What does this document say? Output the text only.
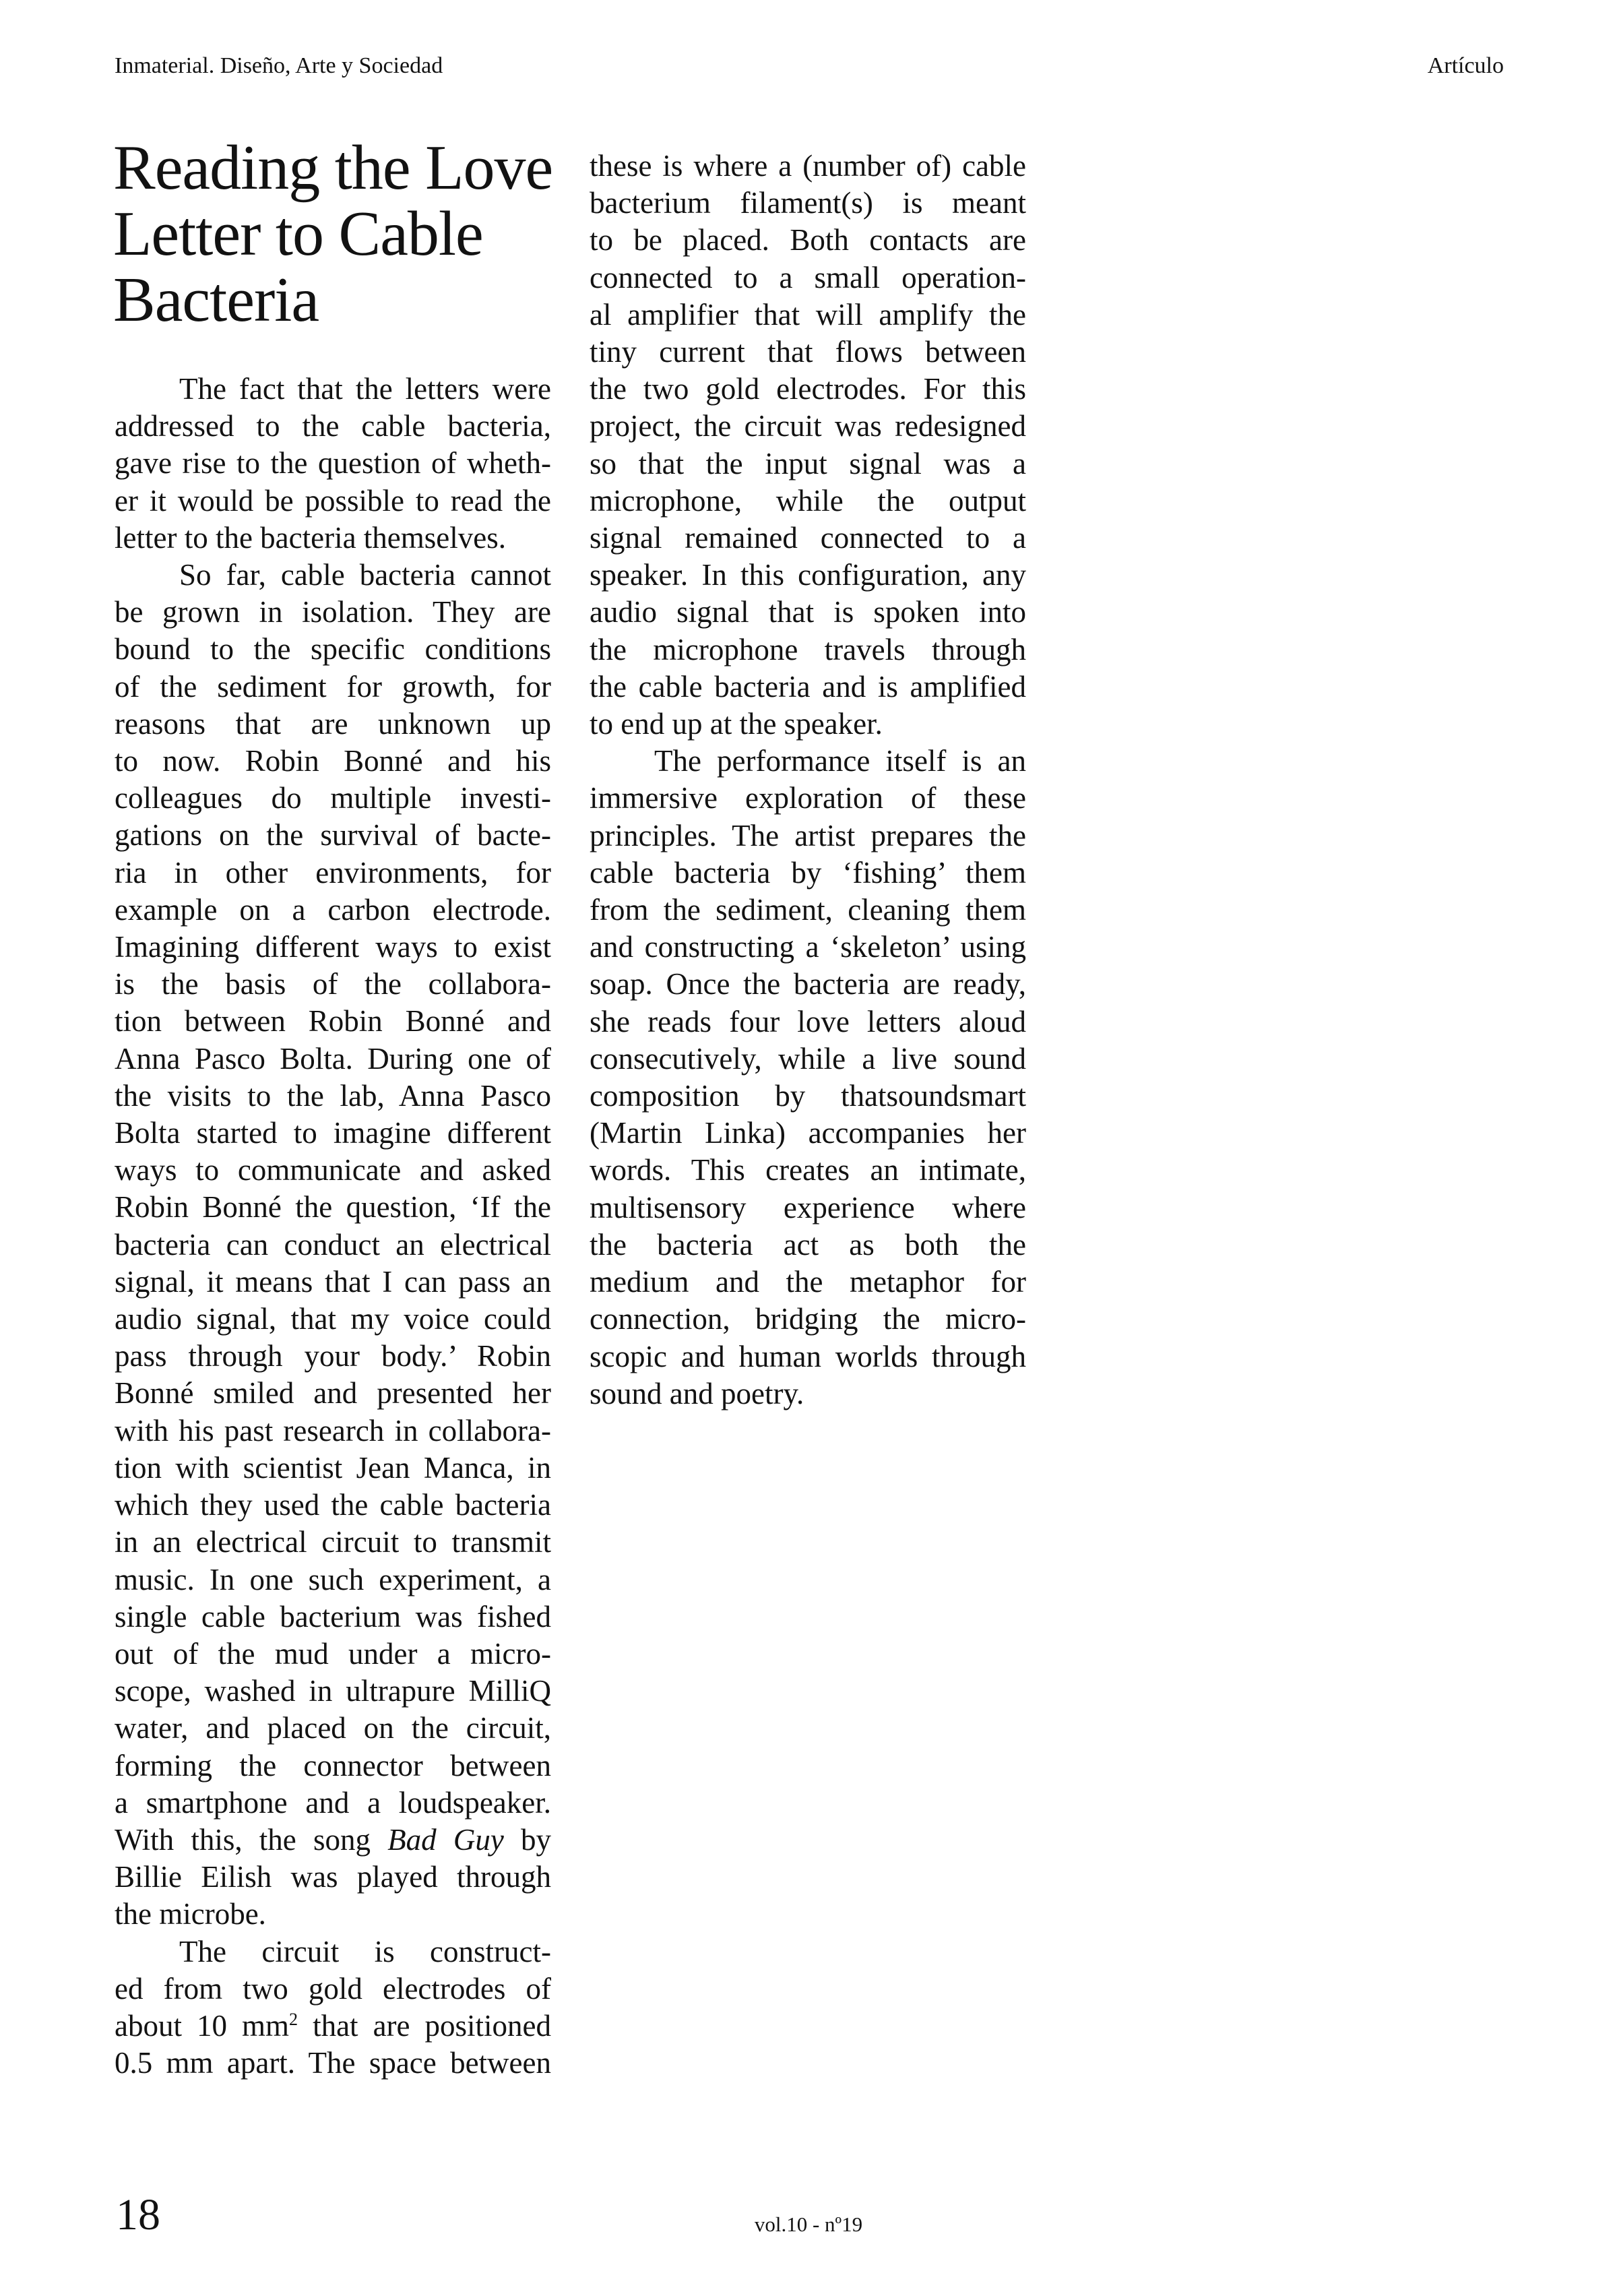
Inmaterial. Diseño, Arte y Sociedad	Artículo
Reading the Love
Letter to Cable
Bacteria
The fact that the letters were
addressed to the cable bacteria,
gave rise to the question of wheth-
er it would be possible to read the
letter to the bacteria themselves.
So far, cable bacteria cannot
be grown in isolation. They are
bound to the specific conditions
of the sediment for growth, for
reasons that are unknown up
to now. Robin Bonné and his
colleagues do multiple investi-
gations on the survival of bacte-
ria in other environments, for
example on a carbon electrode.
Imagining different ways to exist
is the basis of the collabora-
tion between Robin Bonné and
Anna Pasco Bolta. During one of
the visits to the lab, Anna Pasco
Bolta started to imagine different
ways to communicate and asked
Robin Bonné the question, ‘If the
bacteria can conduct an electrical
signal, it means that I can pass an
audio signal, that my voice could
pass through your body.’ Robin
Bonné smiled and presented her
with his past research in collabora-
tion with scientist Jean Manca, in
which they used the cable bacteria
in an electrical circuit to transmit
music. In one such experiment, a
single cable bacterium was fished
out of the mud under a micro-
scope, washed in ultrapure MilliQ
water, and placed on the circuit,
forming the connector between
a smartphone and a loudspeaker.
With this, the song Bad Guy by
Billie Eilish was played through
the microbe.
The circuit is construct-
ed from two gold electrodes of
about 10 $mm^2$ that are positioned
0.5 mm apart. The space between
these is where a (number of) cable
bacterium filament(s) is meant
to be placed. Both contacts are
connected to a small operation-
al amplifier that will amplify the
tiny current that flows between
the two gold electrodes. For this
project, the circuit was redesigned
so that the input signal was a
microphone, while the output
signal remained connected to a
speaker. In this configuration, any
audio signal that is spoken into
the microphone travels through
the cable bacteria and is amplified
to end up at the speaker.
The performance itself is an
immersive exploration of these
principles. The artist prepares the
cable bacteria by ‘fishing’ them
from the sediment, cleaning them
and constructing a ‘skeleton’ using
soap. Once the bacteria are ready,
she reads four love letters aloud
consecutively, while a live sound
composition by thatsoundsmart
(Martin Linka) accompanies her
words. This creates an intimate,
multisensory experience where
the bacteria act as both the
medium and the metaphor for
connection, bridging the micro-
scopic and human worlds through
sound and poetry.
18	vol.10 - nº19
